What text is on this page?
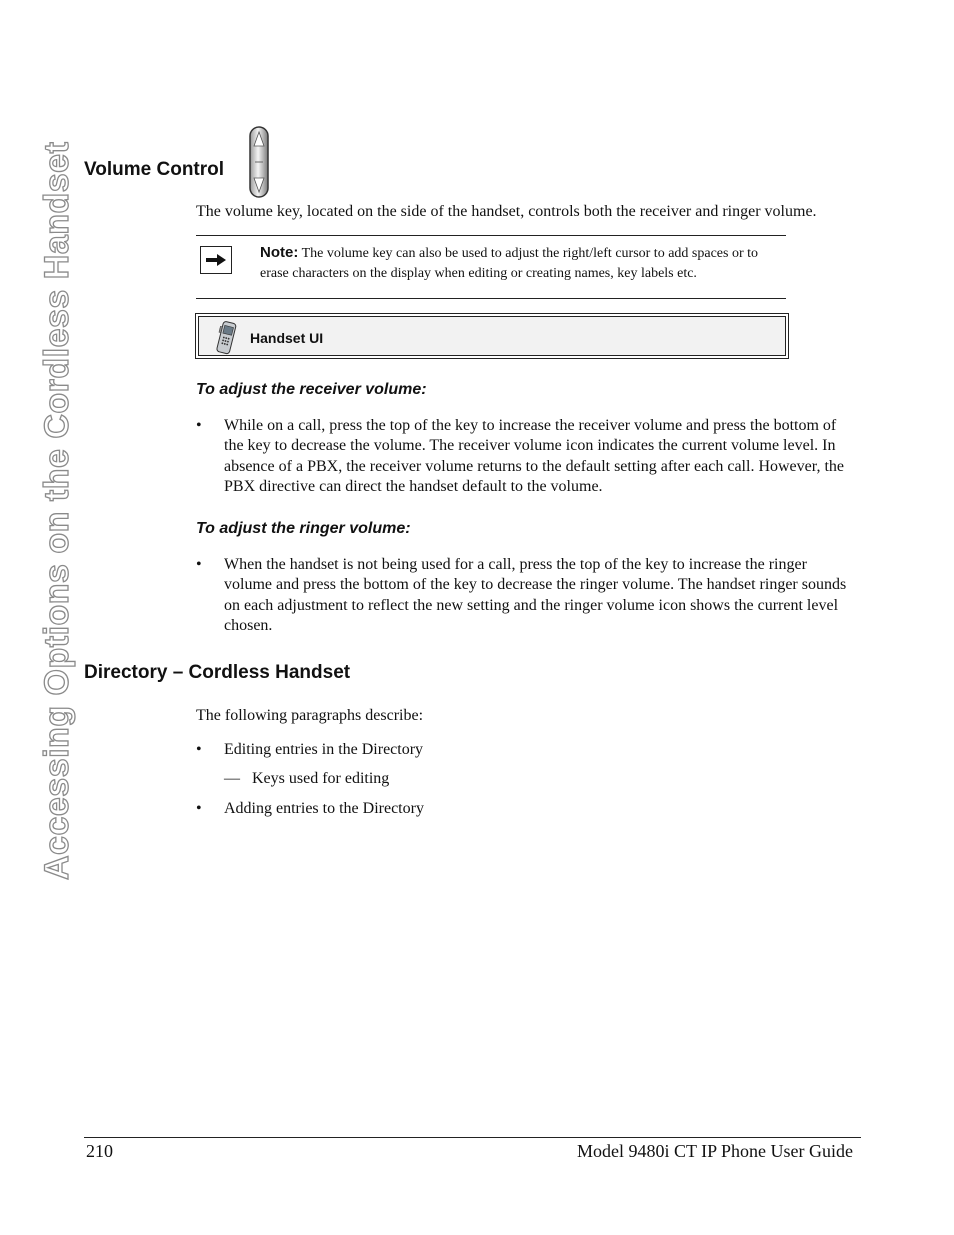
Accessing Options on the Cordless Handset Volume Control
The volume key, located on the side of the handset, controls both the receiver and ringer volume.
Note: The volume key can also be used to adjust the right/left cursor to add spaces or to erase characters on the display when editing or creating names, key labels etc.
Handset UI
To adjust the receiver volume:
• While on a call, press the top of the key to increase the receiver volume and press the bottom of the key to decrease the volume. The receiver volume icon indicates the current volume level. In absence of a PBX, the receiver volume returns to the default setting after each call. However, the PBX directive can direct the handset default to the volume.
To adjust the ringer volume:
• When the handset is not being used for a call, press the top of the key to increase the ringer volume and press the bottom of the key to decrease the ringer volume. The handset ringer sounds on each adjustment to reflect the new setting and the ringer volume icon shows the current level chosen.
Directory – Cordless Handset
The following paragraphs describe:
• Editing entries in the Directory
— Keys used for editing
• Adding entries to the Directory
210	Model 9480i CT IP Phone User Guide
